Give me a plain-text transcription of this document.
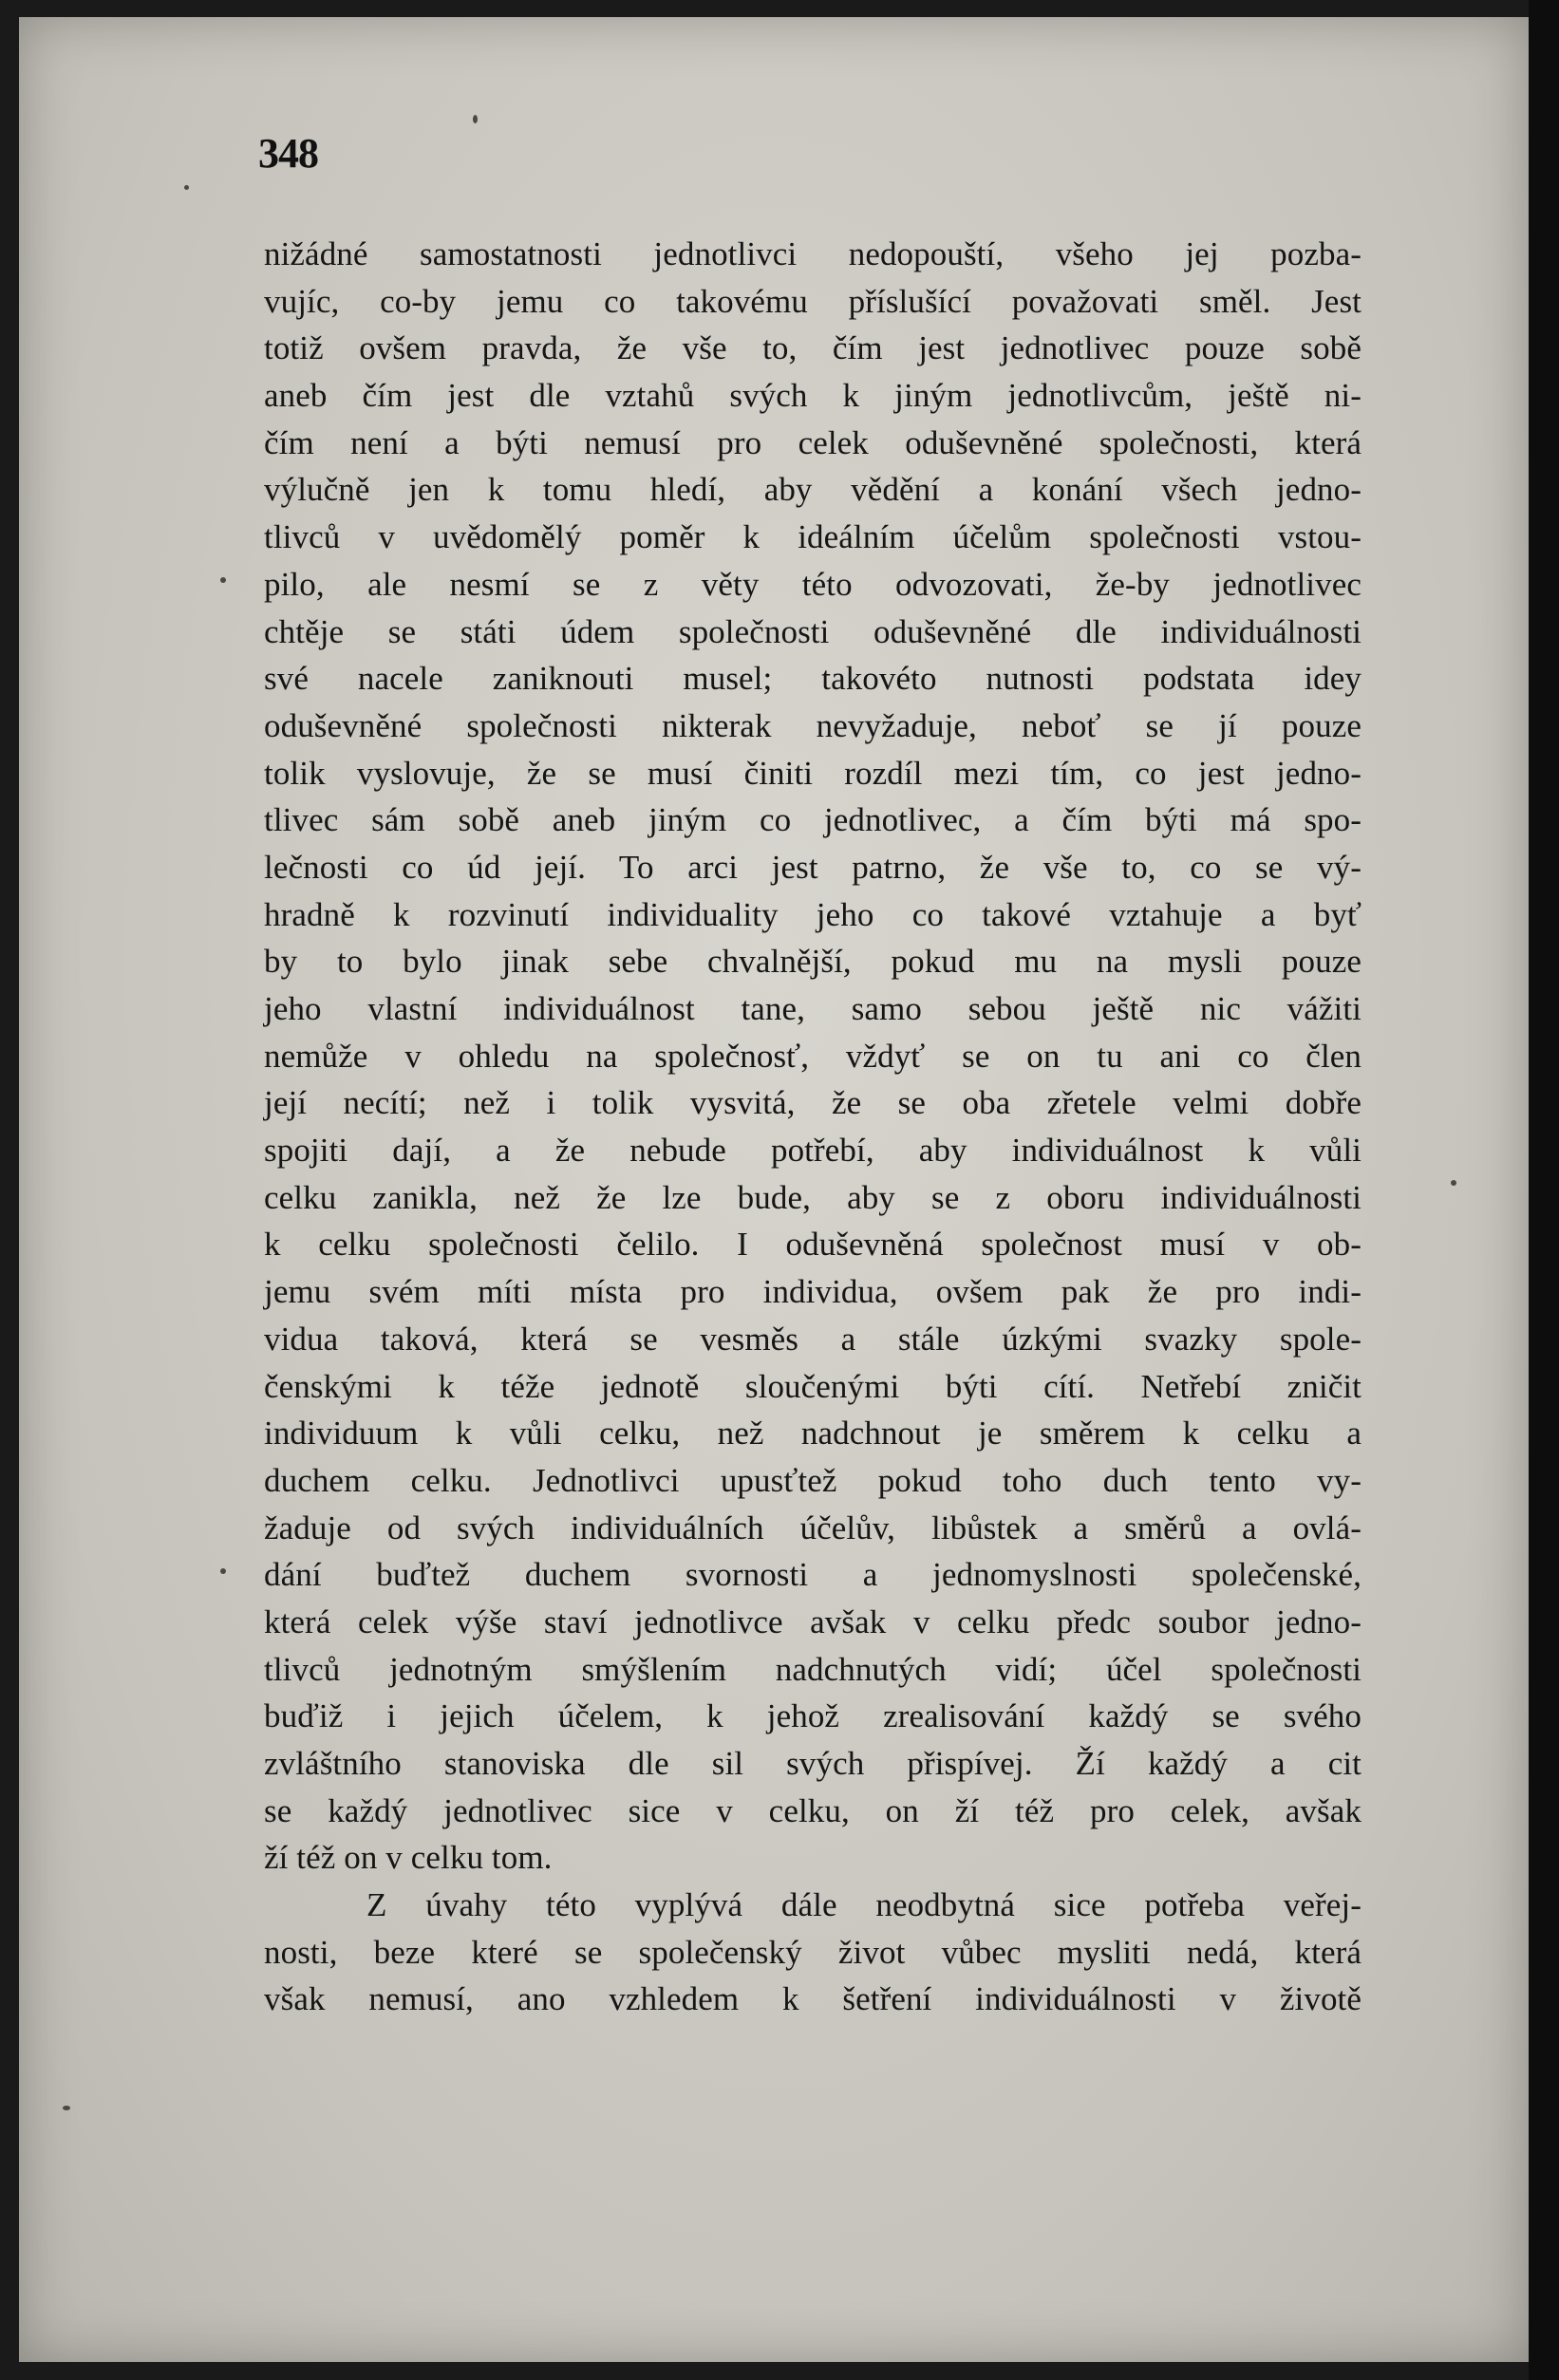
348
nižádné samostatnosti jednotlivci nedopouští, všeho jej pozba-
vujíc, co-by jemu co takovému příslušící považovati směl. Jest
totiž ovšem pravda, že vše to, čím jest jednotlivec pouze sobě
aneb čím jest dle vztahů svých k jiným jednotlivcům, ještě ni-
čím není a býti nemusí pro celek oduševněné společnosti, která
výlučně jen k tomu hledí, aby vědění a konání všech jedno-
tlivců v uvědomělý poměr k ideálním účelům společnosti vstou-
pilo, ale nesmí se z věty této odvozovati, že-by jednotlivec
chtěje se státi údem společnosti oduševněné dle individuálnosti
své nacele zaniknouti musel; takovéto nutnosti podstata idey
oduševněné společnosti nikterak nevyžaduje, neboť se jí pouze
tolik vyslovuje, že se musí činiti rozdíl mezi tím, co jest jedno-
tlivec sám sobě aneb jiným co jednotlivec, a čím býti má spo-
lečnosti co úd její. To arci jest patrno, že vše to, co se vý-
hradně k rozvinutí individuality jeho co takové vztahuje a byť
by to bylo jinak sebe chvalnější, pokud mu na mysli pouze
jeho vlastní individuálnost tane, samo sebou ještě nic vážiti
nemůže v ohledu na společnosť, vždyť se on tu ani co člen
její necítí; než i tolik vysvitá, že se oba zřetele velmi dobře
spojiti dají, a že nebude potřebí, aby individuálnost k vůli
celku zanikla, než že lze bude, aby se z oboru individuálnosti
k celku společnosti čelilo. I oduševněná společnost musí v ob-
jemu svém míti místa pro individua, ovšem pak že pro indi-
vidua taková, která se vesměs a stále úzkými svazky spole-
čenskými k téže jednotě sloučenými býti cítí. Netřebí zničit
individuum k vůli celku, než nadchnout je směrem k celku a
duchem celku. Jednotlivci upusťtež pokud toho duch tento vy-
žaduje od svých individuálních účelův, libůstek a směrů a ovlá-
dání buďtež duchem svornosti a jednomyslnosti společenské,
která celek výše staví jednotlivce avšak v celku předc soubor jedno-
tlivců jednotným smýšlením nadchnutých vidí; účel společnosti
buďiž i jejich účelem, k jehož zrealisování každý se svého
zvláštního stanoviska dle sil svých přispívej. Ží každý a cit
se každý jednotlivec sice v celku, on ží též pro celek, avšak
ží též on v celku tom.
Z úvahy této vyplývá dále neodbytná sice potřeba veřej-
nosti, beze které se společenský život vůbec mysliti nedá, která
však nemusí, ano vzhledem k šetření individuálnosti v životě
